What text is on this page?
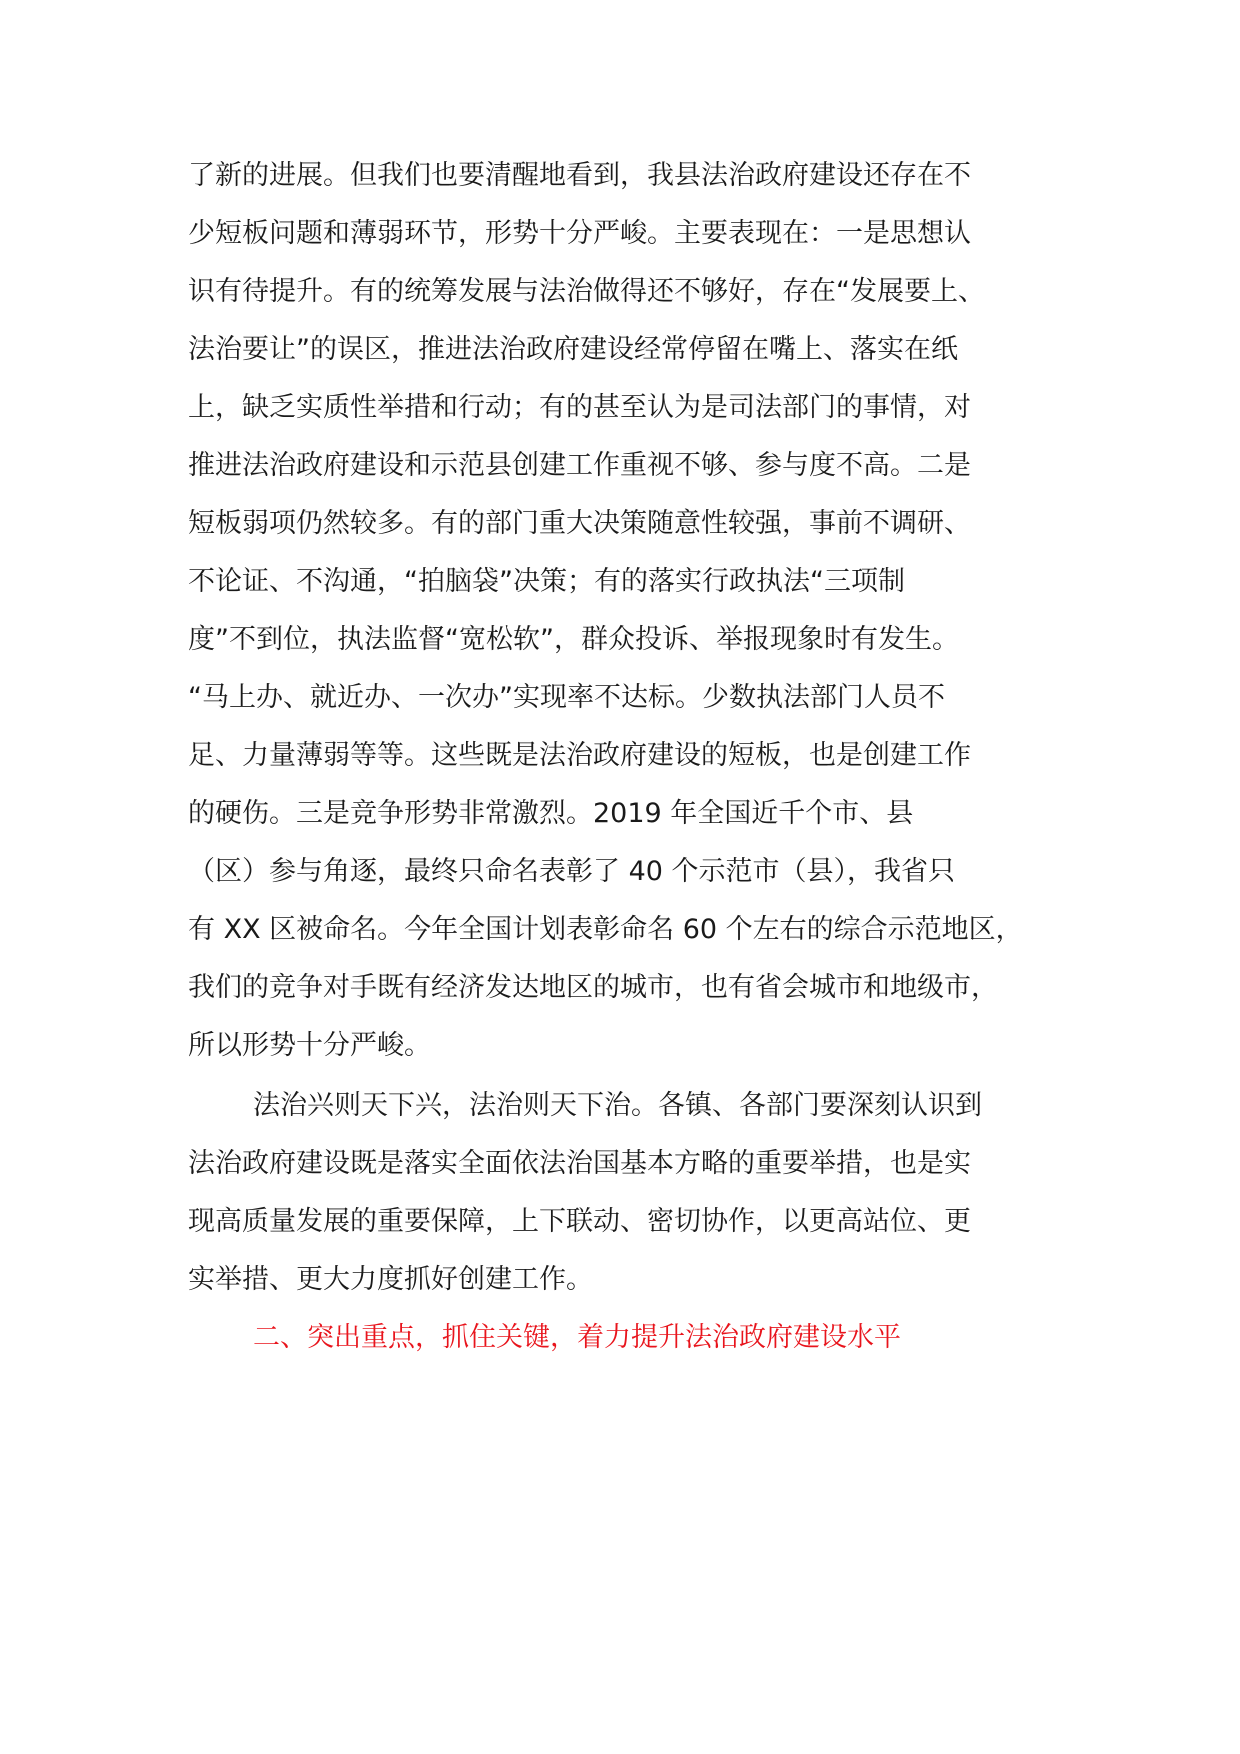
了新的进展。但我们也要清醒地看到，我县法治政府建设还存在不
少短板问题和薄弱环节，形势十分严峻。主要表现在：一是思想认
识有待提升。有的统筹发展与法治做得还不够好，存在“发展要上、
法治要让”的误区，推进法治政府建设经常停留在嘴上、落实在纸
上，缺乏实质性举措和行动；有的甚至认为是司法部门的事情，对
推进法治政府建设和示范县创建工作重视不够、参与度不高。二是
短板弱项仍然较多。有的部门重大决策随意性较强，事前不调研、
不论证、不沟通，“拍脑袋”决策；有的落实行政执法“三项制
度”不到位，执法监督“宽松软”，群众投诉、举报现象时有发生。
“马上办、就近办、一次办”实现率不达标。少数执法部门人员不
足、力量薄弱等等。这些既是法治政府建设的短板，也是创建工作
的硬伤。三是竞争形势非常激烈。2019 年全国近千个市、县
（区）参与角逐，最终只命名表彰了 40 个示范市（县），我省只
有 XX 区被命名。今年全国计划表彰命名 60 个左右的综合示范地区，
我们的竞争对手既有经济发达地区的城市，也有省会城市和地级市，
所以形势十分严峻。
法治兴则天下兴，法治则天下治。各镇、各部门要深刻认识到
法治政府建设既是落实全面依法治国基本方略的重要举措，也是实
现高质量发展的重要保障，上下联动、密切协作，以更高站位、更
实举措、更大力度抓好创建工作。
二、突出重点，抓住关键，着力提升法治政府建设水平
